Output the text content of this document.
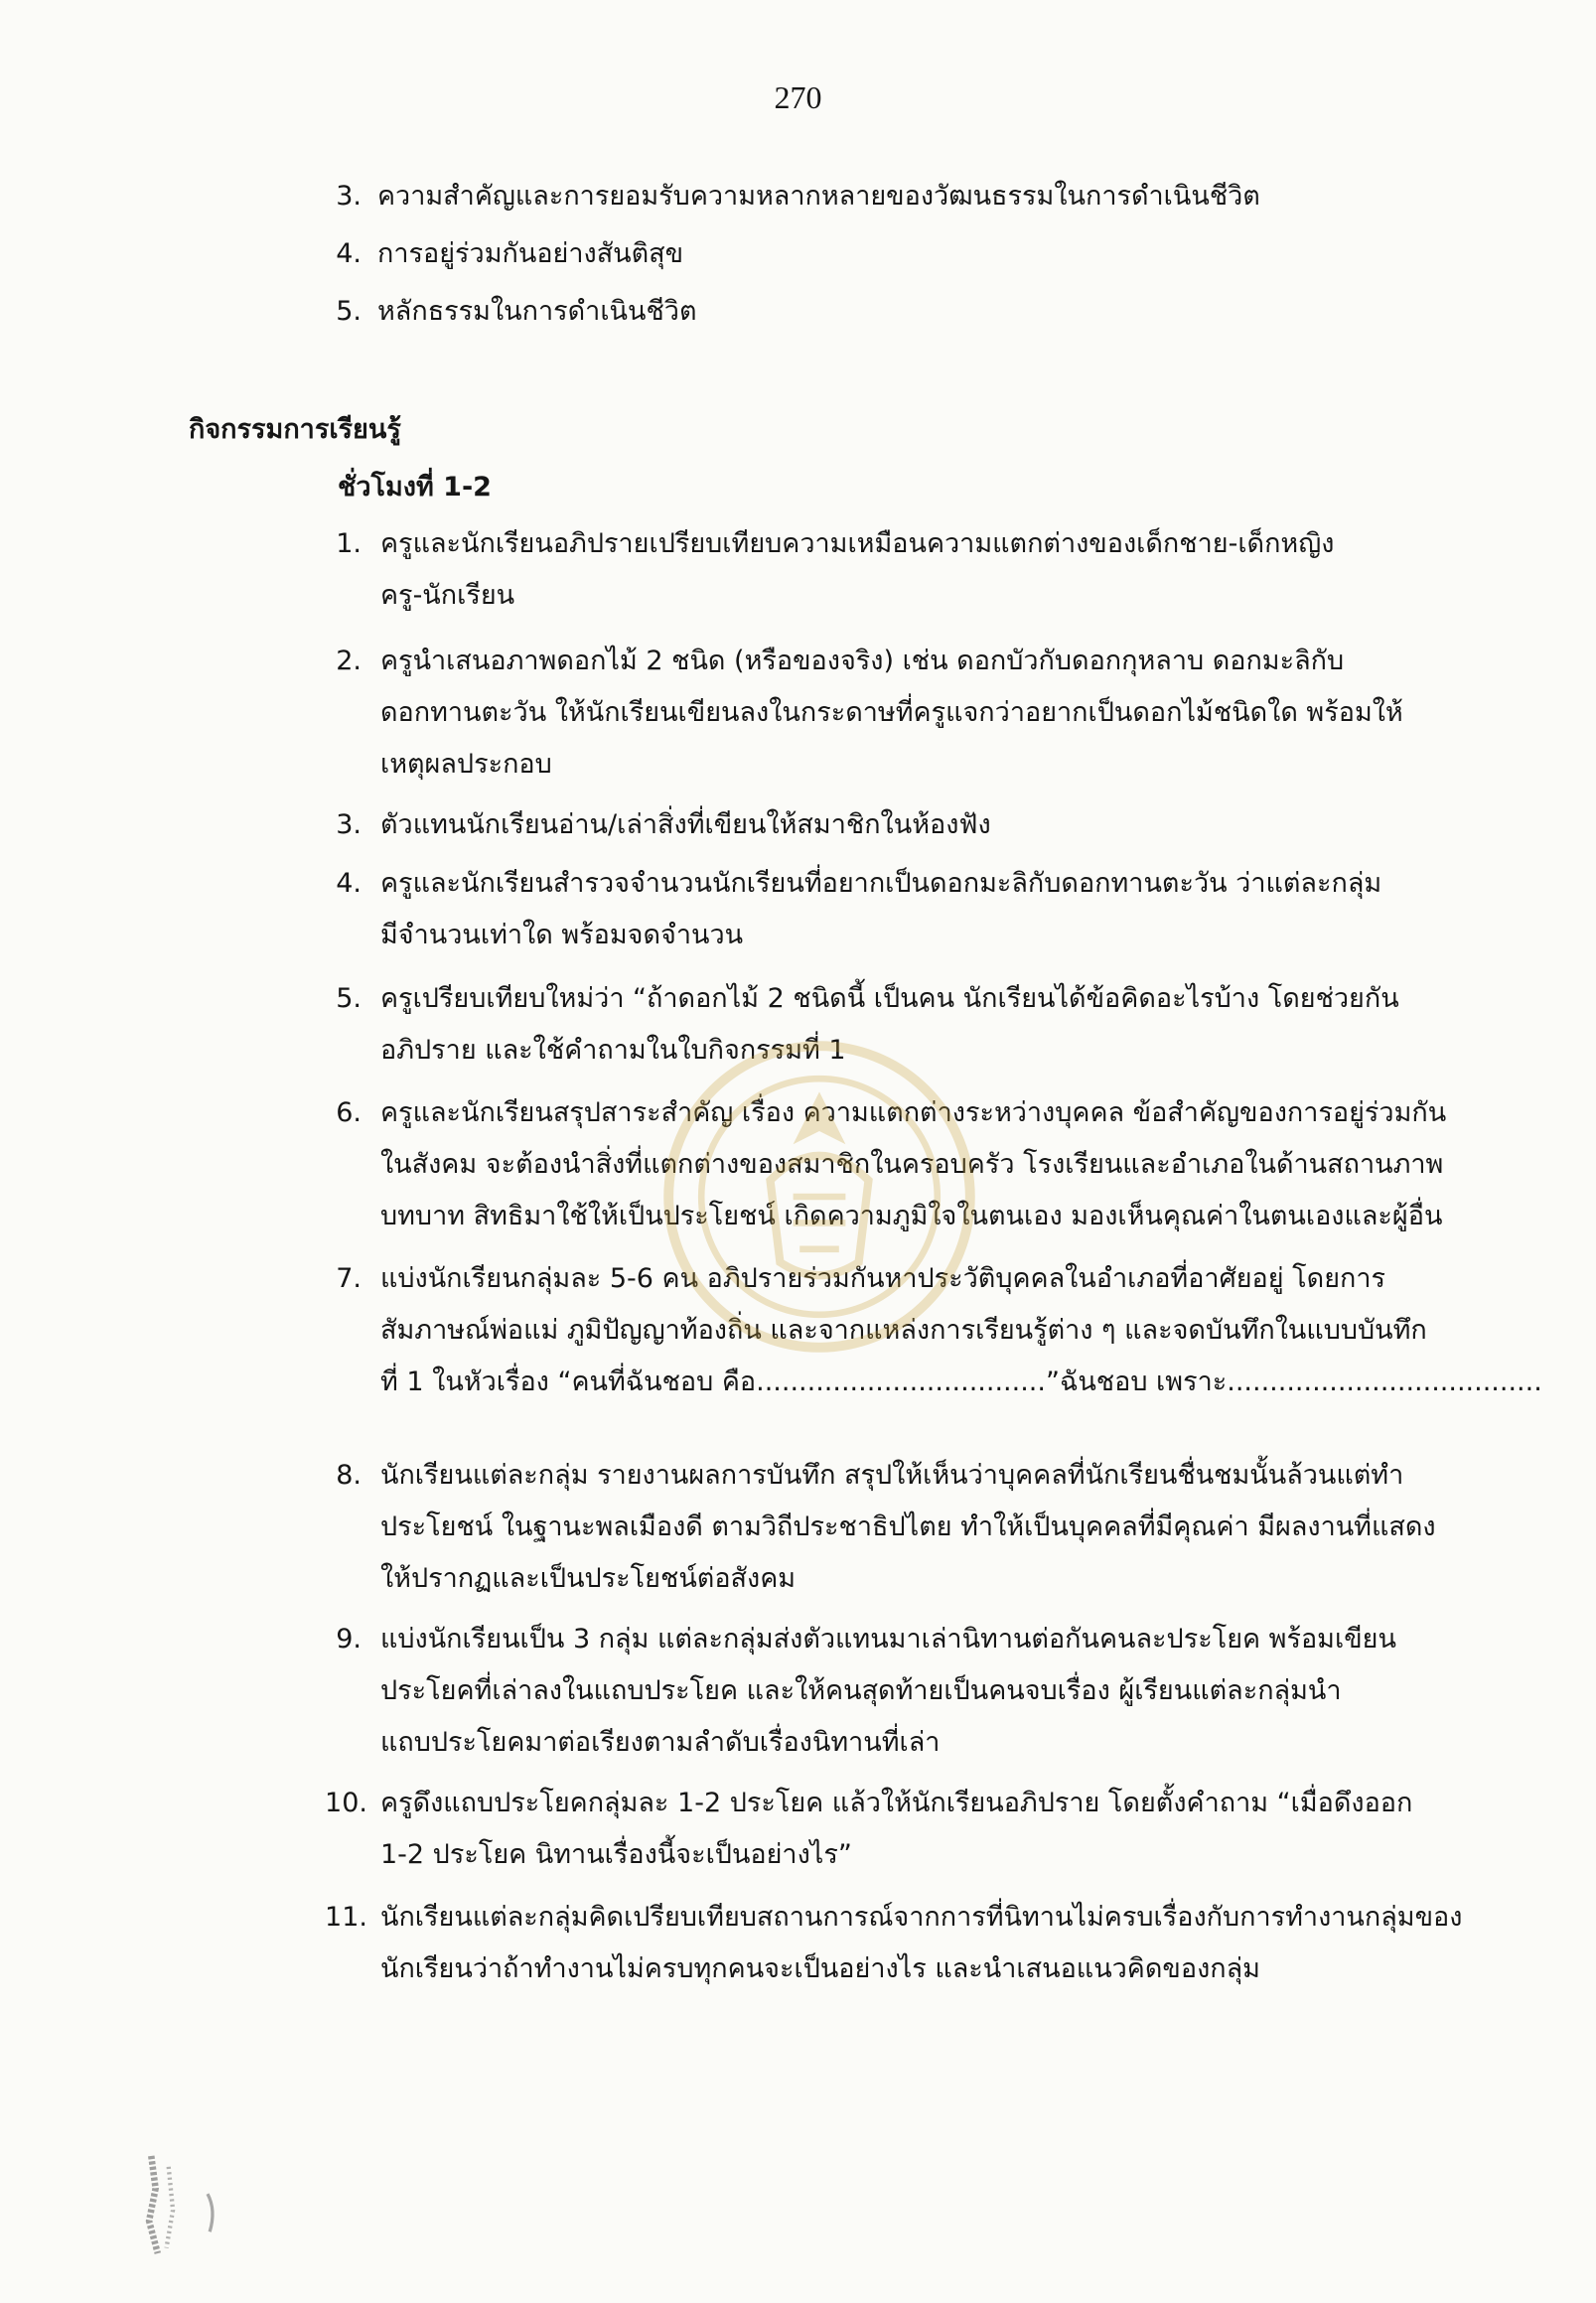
270
3. ความสำคัญและการยอมรับความหลากหลายของวัฒนธรรมในการดำเนินชีวิต
4. การอยู่ร่วมกันอย่างสันติสุข
5. หลักธรรมในการดำเนินชีวิต
กิจกรรมการเรียนรู้
ชั่วโมงที่ 1-2
1. ครูและนักเรียนอภิปรายเปรียบเทียบความเหมือนความแตกต่างของเด็กชาย-เด็กหญิง
ครู-นักเรียน
2. ครูนำเสนอภาพดอกไม้ 2 ชนิด (หรือของจริง) เช่น ดอกบัวกับดอกกุหลาบ ดอกมะลิกับ
ดอกทานตะวัน ให้นักเรียนเขียนลงในกระดาษที่ครูแจกว่าอยากเป็นดอกไม้ชนิดใด พร้อมให้
เหตุผลประกอบ
3. ตัวแทนนักเรียนอ่าน/เล่าสิ่งที่เขียนให้สมาชิกในห้องฟัง
4. ครูและนักเรียนสำรวจจำนวนนักเรียนที่อยากเป็นดอกมะลิกับดอกทานตะวัน ว่าแต่ละกลุ่ม
มีจำนวนเท่าใด พร้อมจดจำนวน
5. ครูเปรียบเทียบใหม่ว่า “ถ้าดอกไม้ 2 ชนิดนี้ เป็นคน นักเรียนได้ข้อคิดอะไรบ้าง โดยช่วยกัน
อภิปราย และใช้คำถามในใบกิจกรรมที่ 1
6. ครูและนักเรียนสรุปสาระสำคัญ เรื่อง ความแตกต่างระหว่างบุคคล ข้อสำคัญของการอยู่ร่วมกัน
ในสังคม จะต้องนำสิ่งที่แตกต่างของสมาชิกในครอบครัว โรงเรียนและอำเภอในด้านสถานภาพ
บทบาท สิทธิมาใช้ให้เป็นประโยชน์ เกิดความภูมิใจในตนเอง มองเห็นคุณค่าในตนเองและผู้อื่น
7. แบ่งนักเรียนกลุ่มละ 5-6 คน อภิปรายร่วมกันหาประวัติบุคคลในอำเภอที่อาศัยอยู่ โดยการ
สัมภาษณ์พ่อแม่ ภูมิปัญญาท้องถิ่น และจากแหล่งการเรียนรู้ต่าง ๆ และจดบันทึกในแบบบันทึก
ที่ 1 ในหัวเรื่อง “คนที่ฉันชอบ คือ..................................”ฉันชอบ เพราะ.....................................
8. นักเรียนแต่ละกลุ่ม รายงานผลการบันทึก สรุปให้เห็นว่าบุคคลที่นักเรียนชื่นชมนั้นล้วนแต่ทำ
ประโยชน์ ในฐานะพลเมืองดี ตามวิถีประชาธิปไตย ทำให้เป็นบุคคลที่มีคุณค่า มีผลงานที่แสดง
ให้ปรากฏและเป็นประโยชน์ต่อสังคม
9. แบ่งนักเรียนเป็น 3 กลุ่ม แต่ละกลุ่มส่งตัวแทนมาเล่านิทานต่อกันคนละประโยค พร้อมเขียน
ประโยคที่เล่าลงในแถบประโยค และให้คนสุดท้ายเป็นคนจบเรื่อง ผู้เรียนแต่ละกลุ่มนำ
แถบประโยคมาต่อเรียงตามลำดับเรื่องนิทานที่เล่า
10. ครูดึงแถบประโยคกลุ่มละ 1-2 ประโยค แล้วให้นักเรียนอภิปราย โดยตั้งคำถาม “เมื่อดึงออก
1-2 ประโยค นิทานเรื่องนี้จะเป็นอย่างไร”
11. นักเรียนแต่ละกลุ่มคิดเปรียบเทียบสถานการณ์จากการที่นิทานไม่ครบเรื่องกับการทำงานกลุ่มของ
นักเรียนว่าถ้าทำงานไม่ครบทุกคนจะเป็นอย่างไร และนำเสนอแนวคิดของกลุ่ม
